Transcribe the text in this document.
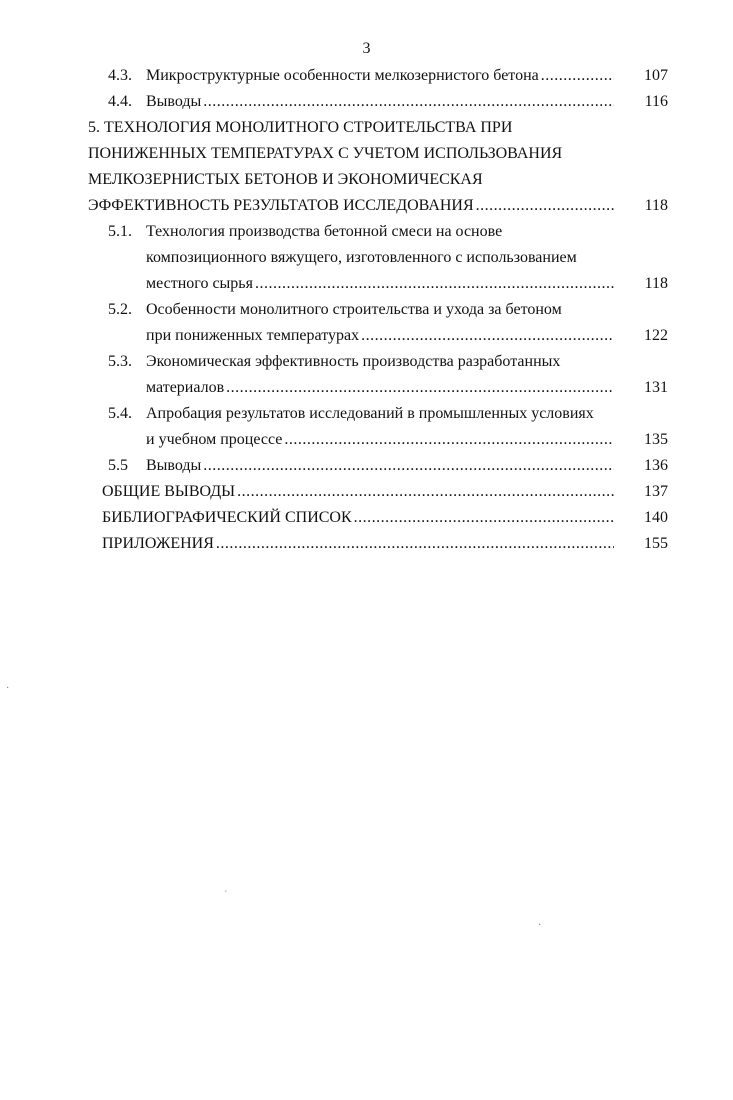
3
4.3. Микроструктурные особенности мелкозернистого бетона .....	107
4.4. Выводы .....	116
5. ТЕХНОЛОГИЯ МОНОЛИТНОГО СТРОИТЕЛЬСТВА ПРИ
ПОНИЖЕННЫХ ТЕМПЕРАТУРАХ С УЧЕТОМ ИСПОЛЬЗОВАНИЯ
МЕЛКОЗЕРНИСТЫХ БЕТОНОВ И ЭКОНОМИЧЕСКАЯ
ЭФФЕКТИВНОСТЬ РЕЗУЛЬТАТОВ ИССЛЕДОВАНИЯ .....	118
5.1. Технология производства бетонной смеси на основе
композиционного вяжущего, изготовленного с использованием
местного сырья .....	118
5.2. Особенности монолитного строительства и ухода за бетоном
при пониженных температурах .....	122
5.3. Экономическая эффективность производства разработанных
материалов .....	131
5.4. Апробация результатов исследований в промышленных условиях
и учебном процессе .....	135
5.5 Выводы .....	136
ОБЩИЕ ВЫВОДЫ .....	137
БИБЛИОГРАФИЧЕСКИЙ СПИСОК .....	140
ПРИЛОЖЕНИЯ .....	155
´
·
·
